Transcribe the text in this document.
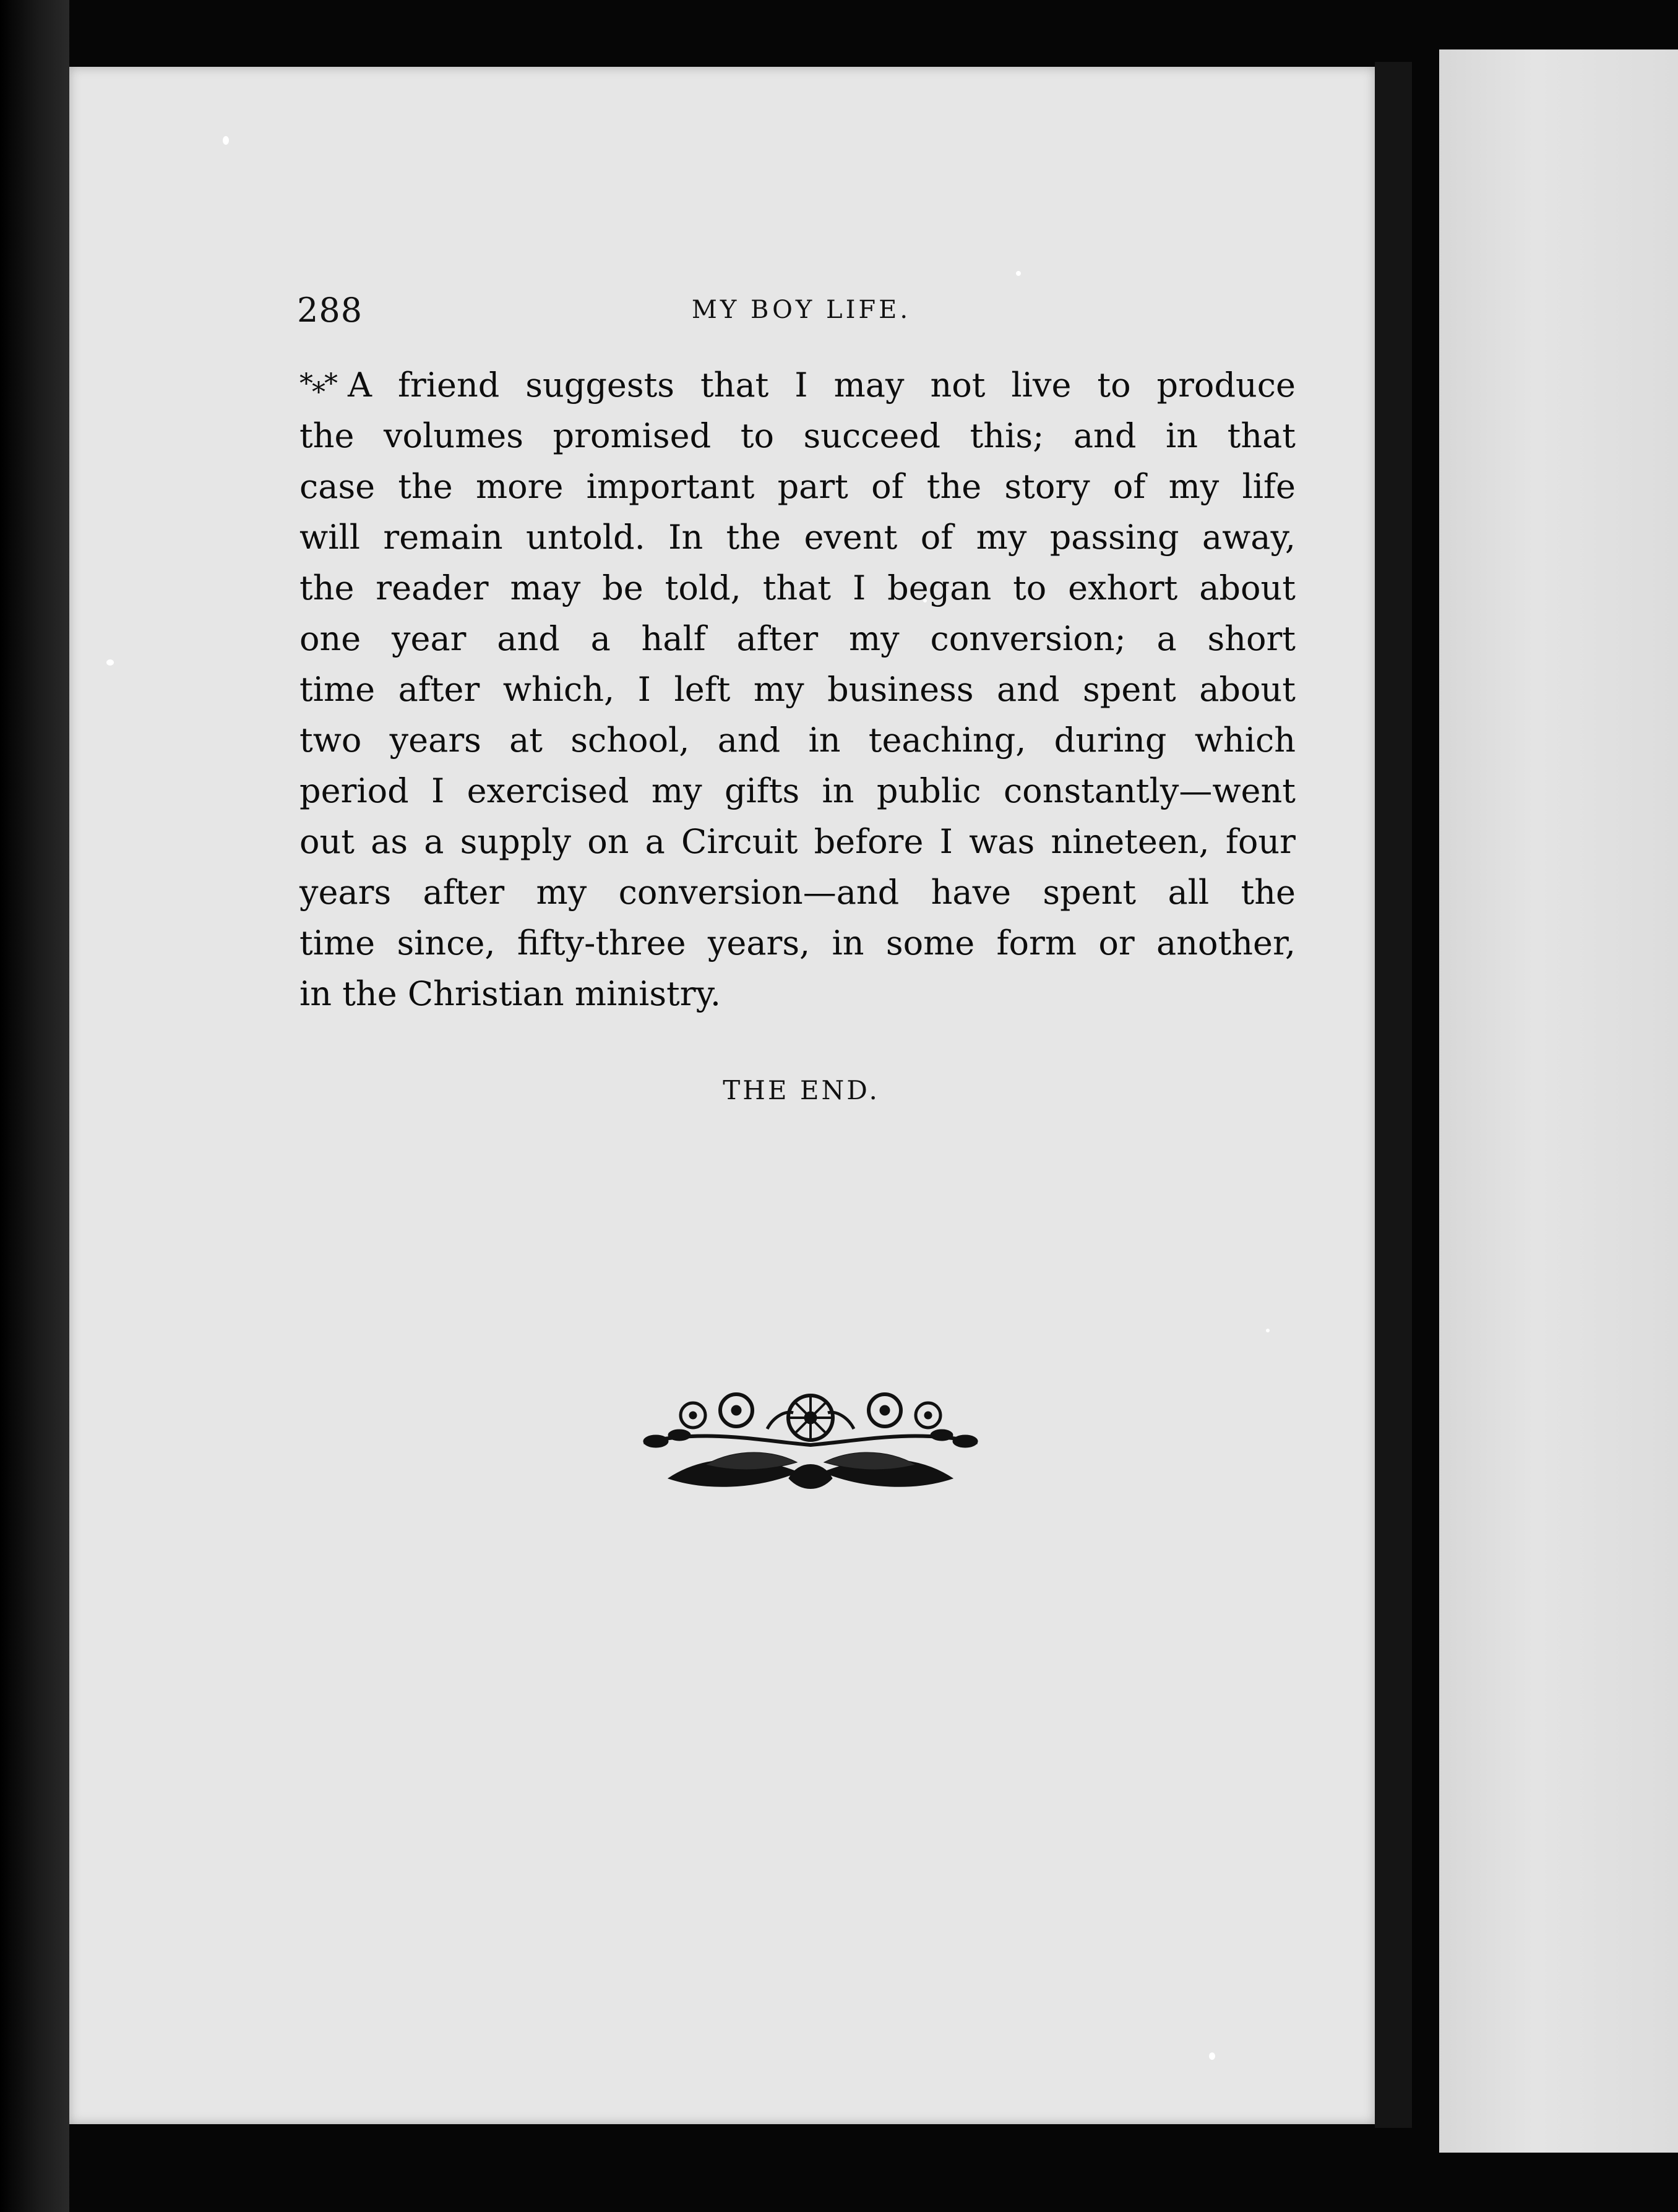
288	MY BOY LIFE.
*⁎* A friend suggests that I may not live to produce
the volumes promised to succeed this; and in that
case the more important part of the story of my life
will remain untold. In the event of my passing away,
the reader may be told, that I began to exhort about
one year and a half after my conversion; a short
time after which, I left my business and spent about
two years at school, and in teaching, during which
period I exercised my gifts in public constantly—went
out as a supply on a Circuit before I was nineteen, four
years after my conversion—and have spent all the
time since, fifty-three years, in some form or another,
in the Christian ministry.
THE END.
